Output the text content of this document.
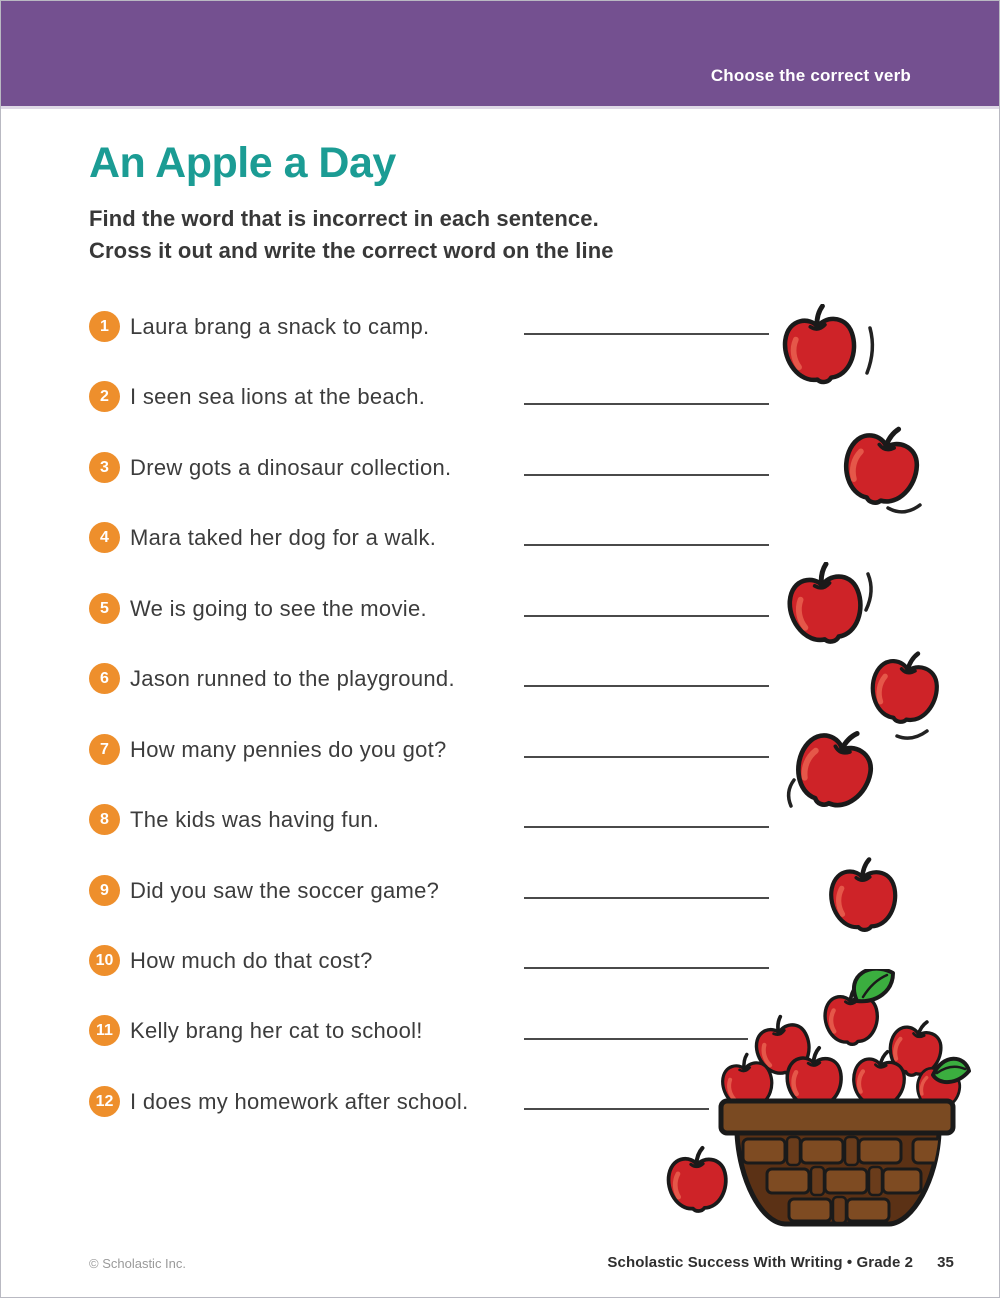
Choose the correct verb
An Apple a Day

Find the word that is incorrect in each sentence.
Cross it out and write the correct word on the line

1 Laura brang a snack to camp.
2 I seen sea lions at the beach.
3 Drew gots a dinosaur collection.
4 Mara taked her dog for a walk.
5 We is going to see the movie.
6 Jason runned to the playground.
7 How many pennies do you got?
8 The kids was having fun.
9 Did you saw the soccer game?
10 How much do that cost?
11 Kelly brang her cat to school!
12 I does my homework after school.
© Scholastic Inc.	Scholastic Success With Writing • Grade 2 35
